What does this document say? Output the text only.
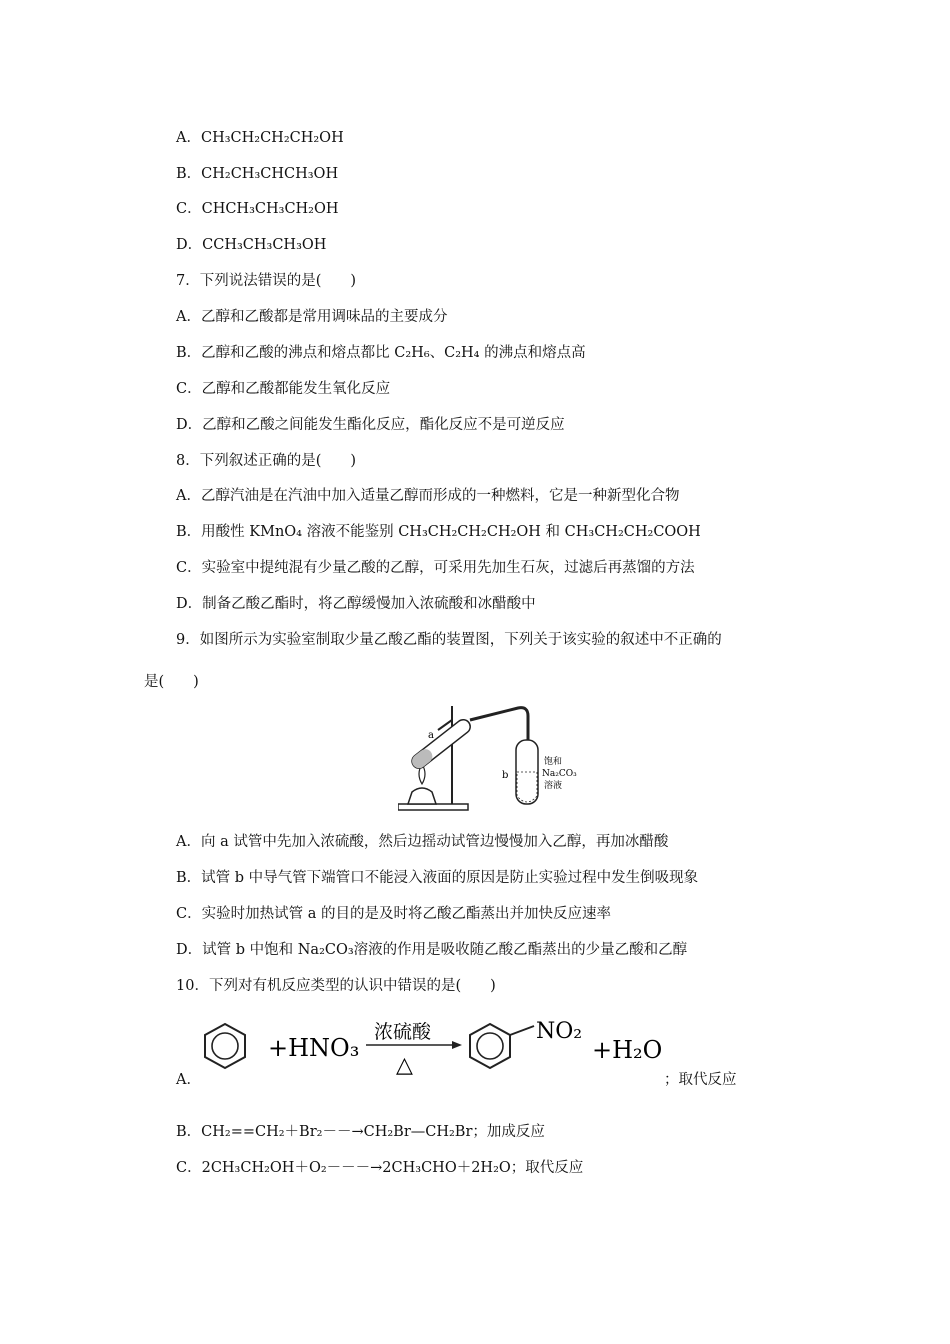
A．CH₃CH₂CH₂CH₂OH
B．CH₂CH₃CHCH₃OH
C．CHCH₃CH₃CH₂OH
D．CCH₃CH₃CH₃OH
7．下列说法错误的是(　　)
A．乙醇和乙酸都是常用调味品的主要成分
B．乙醇和乙酸的沸点和熔点都比 C₂H₆、C₂H₄ 的沸点和熔点高
C．乙醇和乙酸都能发生氧化反应
D．乙醇和乙酸之间能发生酯化反应，酯化反应不是可逆反应
8．下列叙述正确的是(　　)
A．乙醇汽油是在汽油中加入适量乙醇而形成的一种燃料，它是一种新型化合物
B．用酸性 KMnO₄ 溶液不能鉴别 CH₃CH₂CH₂CH₂OH 和 CH₃CH₂CH₂COOH
C．实验室中提纯混有少量乙酸的乙醇，可采用先加生石灰，过滤后再蒸馏的方法
D．制备乙酸乙酯时，将乙醇缓慢加入浓硫酸和冰醋酸中
9．如图所示为实验室制取少量乙酸乙酯的装置图，下列关于该实验的叙述中不正确的
是(　　)
a
b
饱和
Na₂CO₃
溶液
A．向 a 试管中先加入浓硫酸，然后边摇动试管边慢慢加入乙醇，再加冰醋酸
B．试管 b 中导气管下端管口不能浸入液面的原因是防止实验过程中发生倒吸现象
C．实验时加热试管 a 的目的是及时将乙酸乙酯蒸出并加快反应速率
D．试管 b 中饱和 Na₂CO₃溶液的作用是吸收随乙酸乙酯蒸出的少量乙酸和乙醇
10．下列对有机反应类型的认识中错误的是(　　)
A．
+HNO₃
浓硫酸
△
NO₂
+H₂O
；取代反应
B．CH₂==CH₂＋Br₂－－→CH₂Br—CH₂Br；加成反应
C．2CH₃CH₂OH＋O₂－－－→2CH₃CHO＋2H₂O；取代反应
